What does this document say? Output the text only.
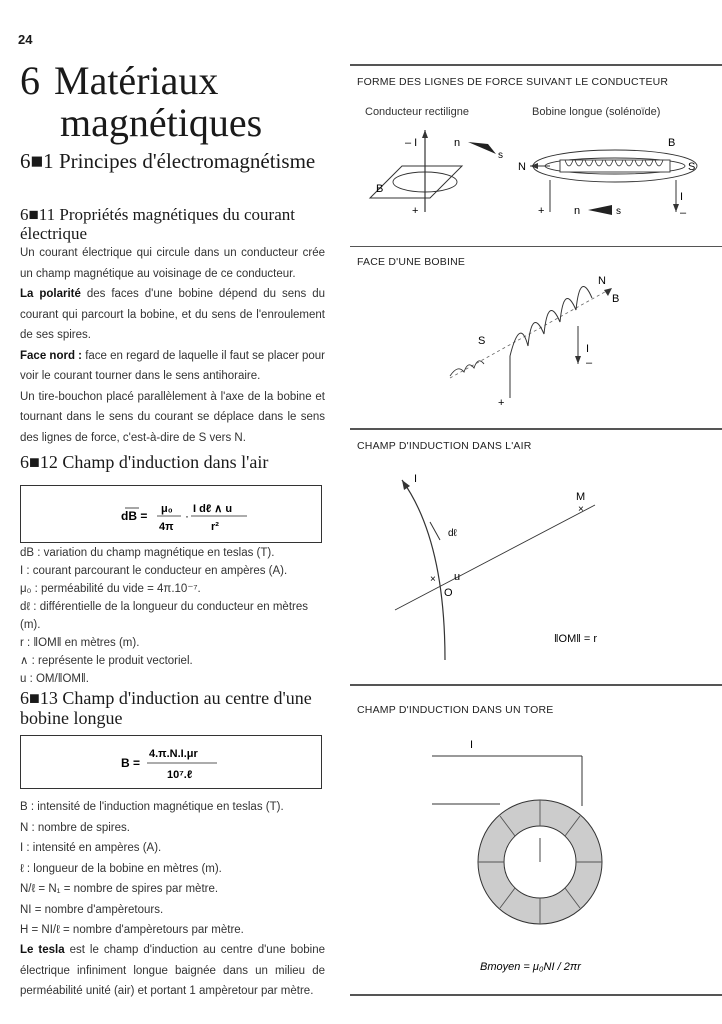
24
6 Matériaux
magnétiques
6■1 Principes d'électromagnétisme
6■11 Propriétés magnétiques du courant électrique
Un courant électrique qui circule dans un conducteur crée un champ magnétique au voisinage de ce conducteur.
La polarité des faces d'une bobine dépend du sens du courant qui parcourt la bobine, et du sens de l'enroulement de ses spires.
Face nord : face en regard de laquelle il faut se placer pour voir le courant tourner dans le sens antihoraire.
Un tire-bouchon placé parallèlement à l'axe de la bobine et tournant dans le sens du courant se déplace dans le sens des lignes de force, c'est-à-dire de S vers N.
6■12 Champ d'induction dans l'air
dB = μ₀
4π
· I dℓ ∧ u
r²
dB : variation du champ magnétique en teslas (T).
I : courant parcourant le conducteur en ampères (A).
μ₀ : perméabilité du vide = 4π.10⁻⁷.
dℓ : différentielle de la longueur du conducteur en mètres (m).
r : ‖OM‖ en mètres (m).
∧ : représente le produit vectoriel.
u : OM/‖OM‖.
6■13 Champ d'induction au centre d'une bobine longue
B =
4.π.N.I.μr
10⁷.ℓ
B : intensité de l'induction magnétique en teslas (T).
N : nombre de spires.
I : intensité en ampères (A).
ℓ : longueur de la bobine en mètres (m).
N/ℓ = N₁ = nombre de spires par mètre.
NI = nombre d'ampèretours.
H = NI/ℓ = nombre d'ampèretours par mètre.
Le tesla est le champ d'induction au centre d'une bobine électrique infiniment longue baignée dans un milieu de perméabilité unité (air) et portant 1 ampèretour par mètre.
FORME DES LIGNES DE FORCE SUIVANT LE CONDUCTEUR
Conducteur rectiligne	Bobine longue (solénoïde)
– I	n
s
B
+
N	S
B
+	n	s
I
–
FACE D'UNE BOBINE
N
B
S
+
I
–
CHAMP D'INDUCTION DANS L'AIR
I
dℓ
×
M
×
O
u
‖OM‖ = r
CHAMP D'INDUCTION DANS UN TORE
I
Bmoyen = μ₀NI / 2πr
